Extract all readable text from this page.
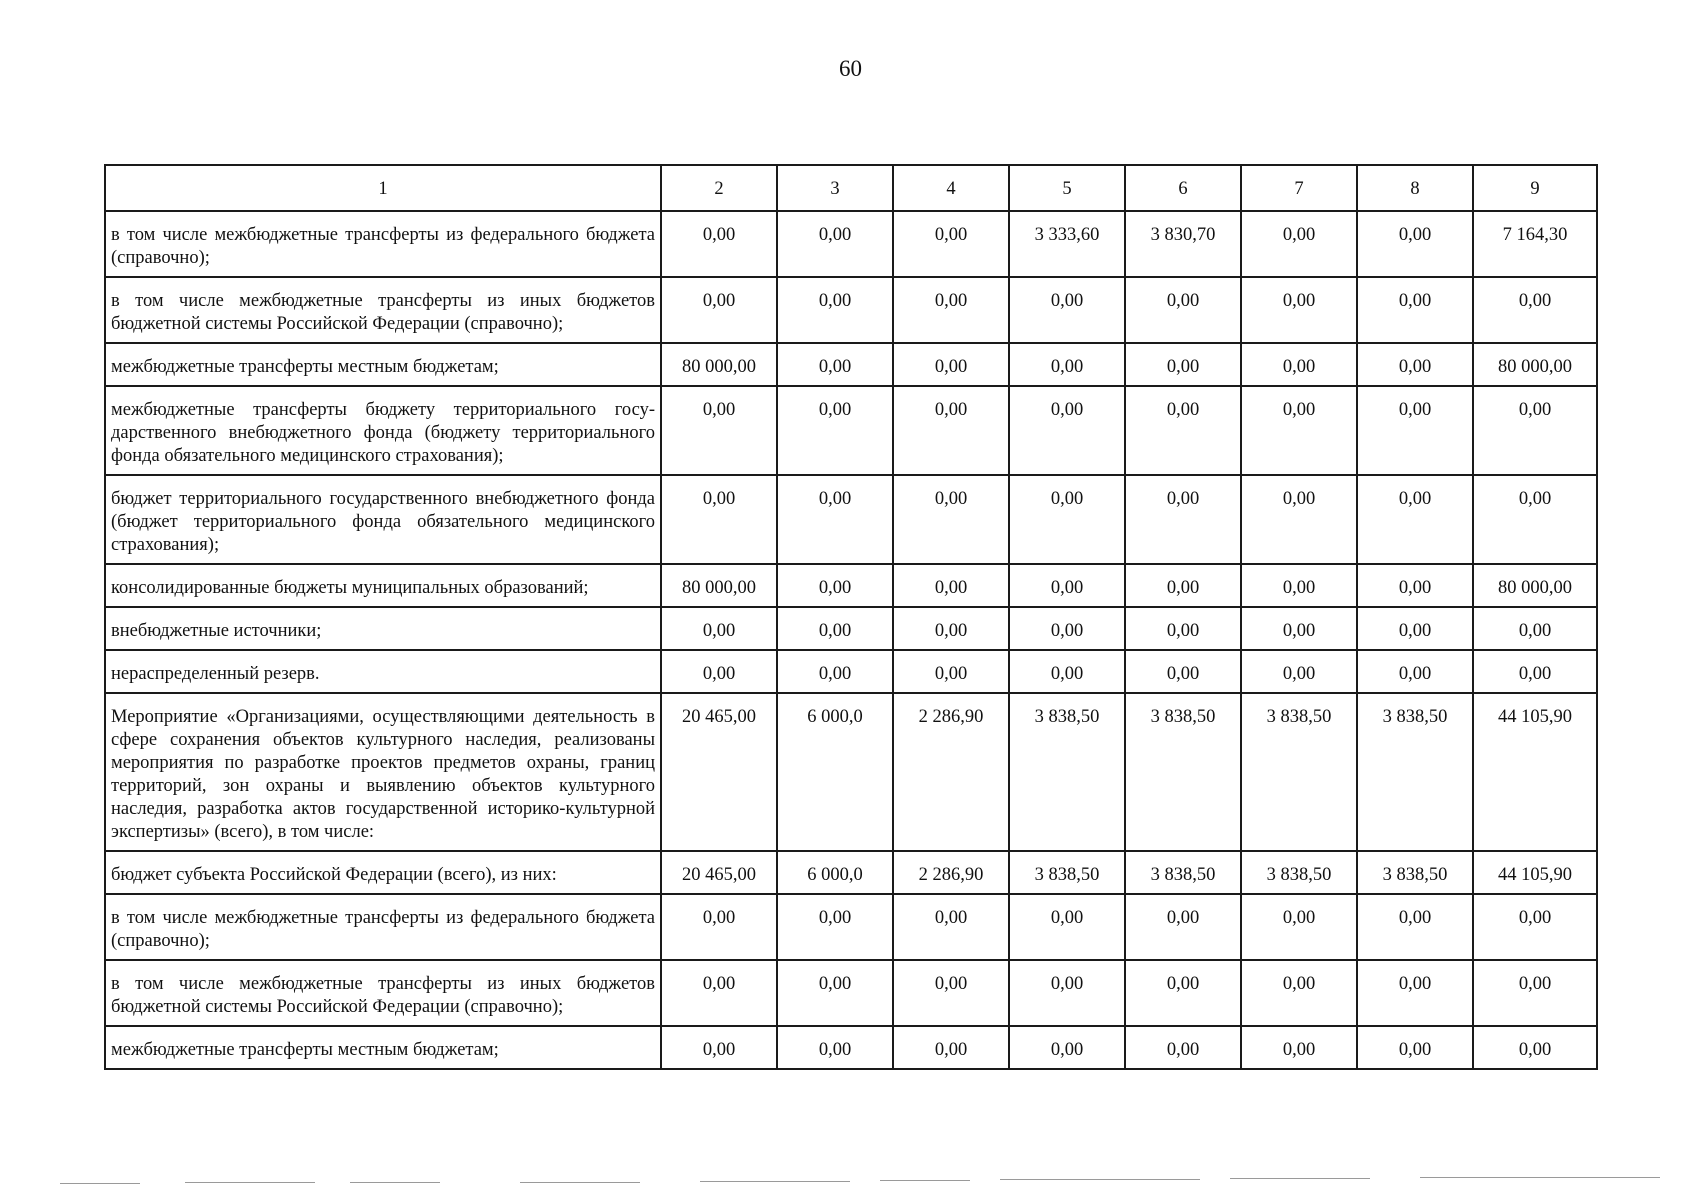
60
1	2	3	4	5	6	7	8	9
в том числе межбюджетные трансферты из федерального бюджета (справочно);	0,00	0,00	0,00	3 333,60	3 830,70	0,00	0,00	7 164,30
в том числе межбюджетные трансферты из иных бюджетов бюджетной системы Российской Федерации (справочно);	0,00	0,00	0,00	0,00	0,00	0,00	0,00	0,00
межбюджетные трансферты местным бюджетам;	80 000,00	0,00	0,00	0,00	0,00	0,00	0,00	80 000,00
межбюджетные трансферты бюджету территориального государственного внебюджетного фонда (бюджету территориального фонда обязательного медицинского страхования);	0,00	0,00	0,00	0,00	0,00	0,00	0,00	0,00
бюджет территориального государственного внебюджетного фонда (бюджет территориального фонда обязательного медицинского страхования);	0,00	0,00	0,00	0,00	0,00	0,00	0,00	0,00
консолидированные бюджеты муниципальных образований;	80 000,00	0,00	0,00	0,00	0,00	0,00	0,00	80 000,00
внебюджетные источники;	0,00	0,00	0,00	0,00	0,00	0,00	0,00	0,00
нераспределенный резерв.	0,00	0,00	0,00	0,00	0,00	0,00	0,00	0,00
Мероприятие «Организациями, осуществляющими деятельность в сфере сохранения объектов культурного наследия, реализованы мероприятия по разработке проектов предметов охраны, границ территорий, зон охраны и выявлению объектов культурного наследия, разработка актов государственной историко-культурной экспертизы» (всего), в том числе:	20 465,00	6 000,0	2 286,90	3 838,50	3 838,50	3 838,50	3 838,50	44 105,90
бюджет субъекта Российской Федерации (всего), из них:	20 465,00	6 000,0	2 286,90	3 838,50	3 838,50	3 838,50	3 838,50	44 105,90
в том числе межбюджетные трансферты из федерального бюджета (справочно);	0,00	0,00	0,00	0,00	0,00	0,00	0,00	0,00
в том числе межбюджетные трансферты из иных бюджетов бюджетной системы Российской Федерации (справочно);	0,00	0,00	0,00	0,00	0,00	0,00	0,00	0,00
межбюджетные трансферты местным бюджетам;	0,00	0,00	0,00	0,00	0,00	0,00	0,00	0,00
